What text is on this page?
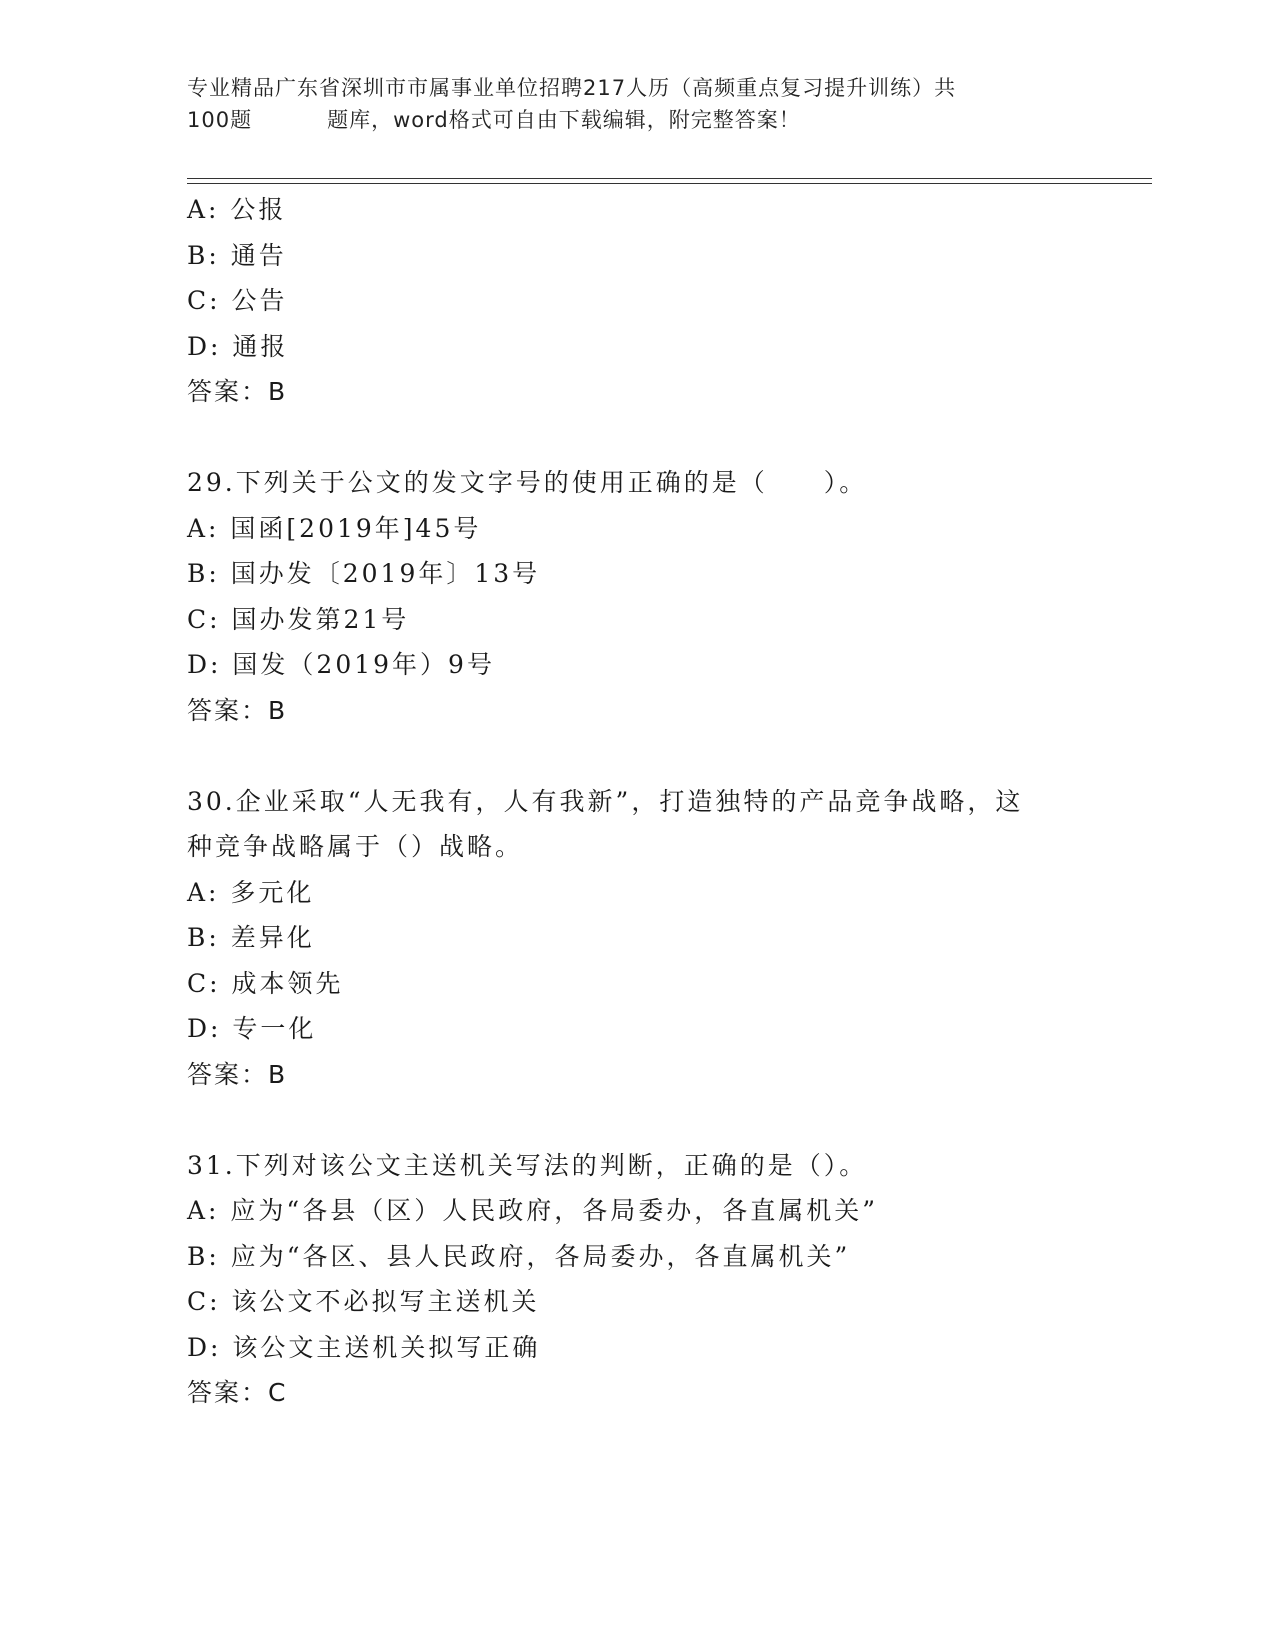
专业精品广东省深圳市市属事业单位招聘217人历（高频重点复习提升训练）共
100题	题库，word格式可自由下载编辑，附完整答案！
A: 公报
B: 通告
C: 公告
D: 通报
答案：B
29.下列关于公文的发文字号的使用正确的是（　　）。
A: 国函[2019年]45号
B: 国办发〔2019年〕13号
C: 国办发第21号
D: 国发（2019年）9号
答案：B
30.企业采取“人无我有，人有我新”，打造独特的产品竞争战略，这
种竞争战略属于（）战略。
A: 多元化
B: 差异化
C: 成本领先
D: 专一化
答案：B
31.下列对该公文主送机关写法的判断，正确的是（）。
A: 应为“各县（区）人民政府，各局委办，各直属机关”
B: 应为“各区、县人民政府，各局委办，各直属机关”
C: 该公文不必拟写主送机关
D: 该公文主送机关拟写正确
答案：C
